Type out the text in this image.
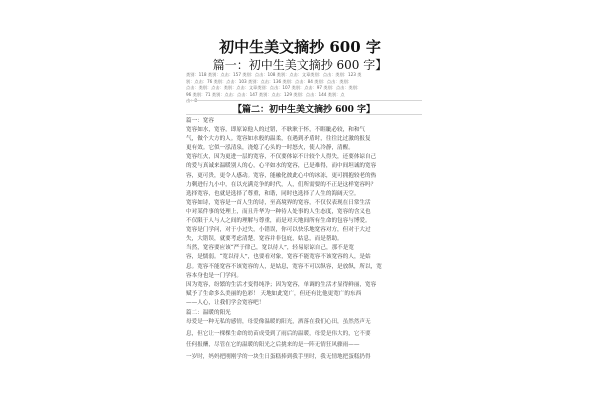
初中生美文摘抄 600 字
篇一：初中生美文摘抄 600 字】
类别：118 类别：点击：157 类别：点击：108 类别：点击：文章类别：点击：类别：123 类
别：点击：76 类别：点击：103 类别：点击：136 类别：点击：84 类别：点击：类别：
点击：类别：点击：类别：点击：文章类别：点击：107 类别：点击：97 类别：点击：类别：
96 类别：71 类别：点击：点击：147 类别：点击：129 类别：点击：144 类别：点
击：8
【篇二：初中生美文摘抄 600 字】

篇一：宽容

宽容如水，宽容，即原谅他人的过错，不耿耿于怀，不睚眦必较，和和气

气，做个大方的人。宽容如水般的温柔，在遇到矛盾时，往往比过激的报复

更有效。它似一泓清泉，浇熄了心头的一时怒火，使人冷静，清醒。

宽容红火，因为更进一层的宽容，不仅要体谅不计较个人得失，还要体谅自己

的爱与真诚来温暖别人的心，心平如水的宽容，已是难得，而中间坦诚的宽容

容，更可贵，更令人感动。宽容，能融化彼此心中的冰冻，更可拥抱较老的热

力剩进行九小中，在以充满竞争的时代，人，们所需要的不正是这样宽容吗？

选择宽容，也就是选择了尊重，和谐，同时也选择了人生的海阔天空。

宽容如诗，宽容是一首人生的诗，至高境界的宽容，不仅仅表现在日常生活

中对某件事的处理上，而且升华为一种待人处事的人生态度，宽容的含义也

不仅限于人与人之间的理解与尊重，而是对天地间所有生命的包容与博爱。

宽容是门学问，对于小过失，小错误，你可以快乐地宽容对方，但对于大过

失，大错误，就要考虑清楚，宽容并非包庇，姑息，而是帮助。

当然，宽容要应该“严于律己，宽以待人”，轻易原谅自己，那不是宽

容，是懦弱。“宽以待人”，也要看对象，宽容不能宽容不该宽容的人，是姑

息。宽容不能宽容不该宽容的人，是姑息，宽容不可以纵容，是放纵，所以，宽

容本身也是一门学问。

因为宽容，纷繁的生活才变得纯净；因为宽容，单调的生活才显得鲜丽，宽容

赋予了生命多么美丽的色彩！ 天地如此宽广，但还有比他更宽广的东西

——人心，让我们学会宽容吧！

篇二：温暖的阳光

母爱是一种无私的感情，母爱像温暖的阳光，洒落在我们心田，虽然然声无

息，但它让一棵棵生命的幼苗成受到了雨后的温暖，母爱是伟大的，它不要

任何报酬，尽管在它的温暖的阳光之后挑来的是一阵无情狂风骤雨——

一岁时，妈妈把刚刚学的一块生日蛋糕捧到我手里时，我无情地把蛋糕扔得
